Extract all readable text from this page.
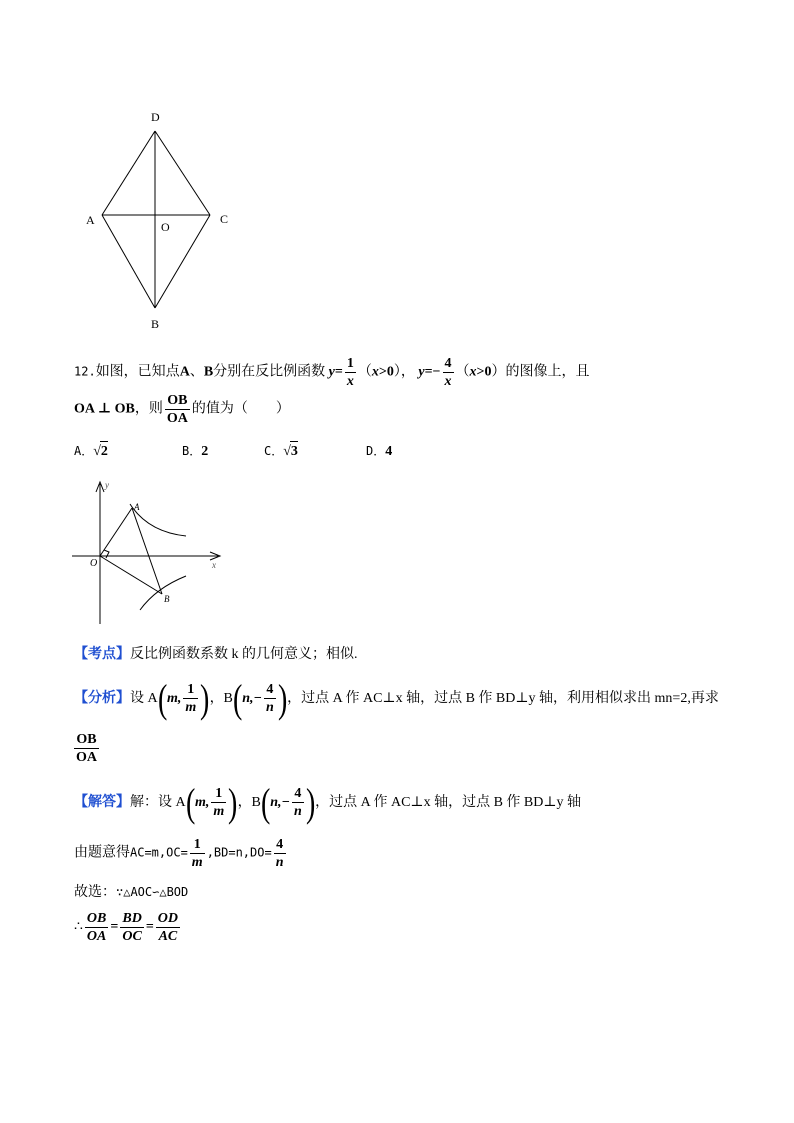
D
A	C
O
B
12.如图，已知点A、B分别在反比例函数 $y= \frac{1}{x} (x>0)$， $y=- \frac{4}{x} (x>0)$的图像上，且
OA ⊥ OB，则 $\frac{OB}{OA}$ 的值为（　　）
A．√2	B．2	C．√3	D．4
y
x
A
B
O
【考点】反比例函数系数 k 的几何意义；相似.
【分析】设 A(m, $\frac{1}{m}$ )，$B(n,- \frac{4}{n}$ )，过点 A 作 AC⊥x 轴，过点 B 作 BD⊥y 轴，利用相似求出 mn=2,再求
$\frac{OB}{OA}$
【解答】解：设 A(m, $\frac{1}{m}$ )，$B(n,- \frac{4}{n}$ )，过点 A 作 AC⊥x 轴，过点 B 作 BD⊥y 轴
由题意得$AC=m,OC= \frac{1}{m} ,BD=n,DO= \frac{4}{n}$
故选：∵△AOC∽△BOD
∴ $\frac{OB}{OA} = \frac{BD}{OC} = \frac{OD}{AC}$
